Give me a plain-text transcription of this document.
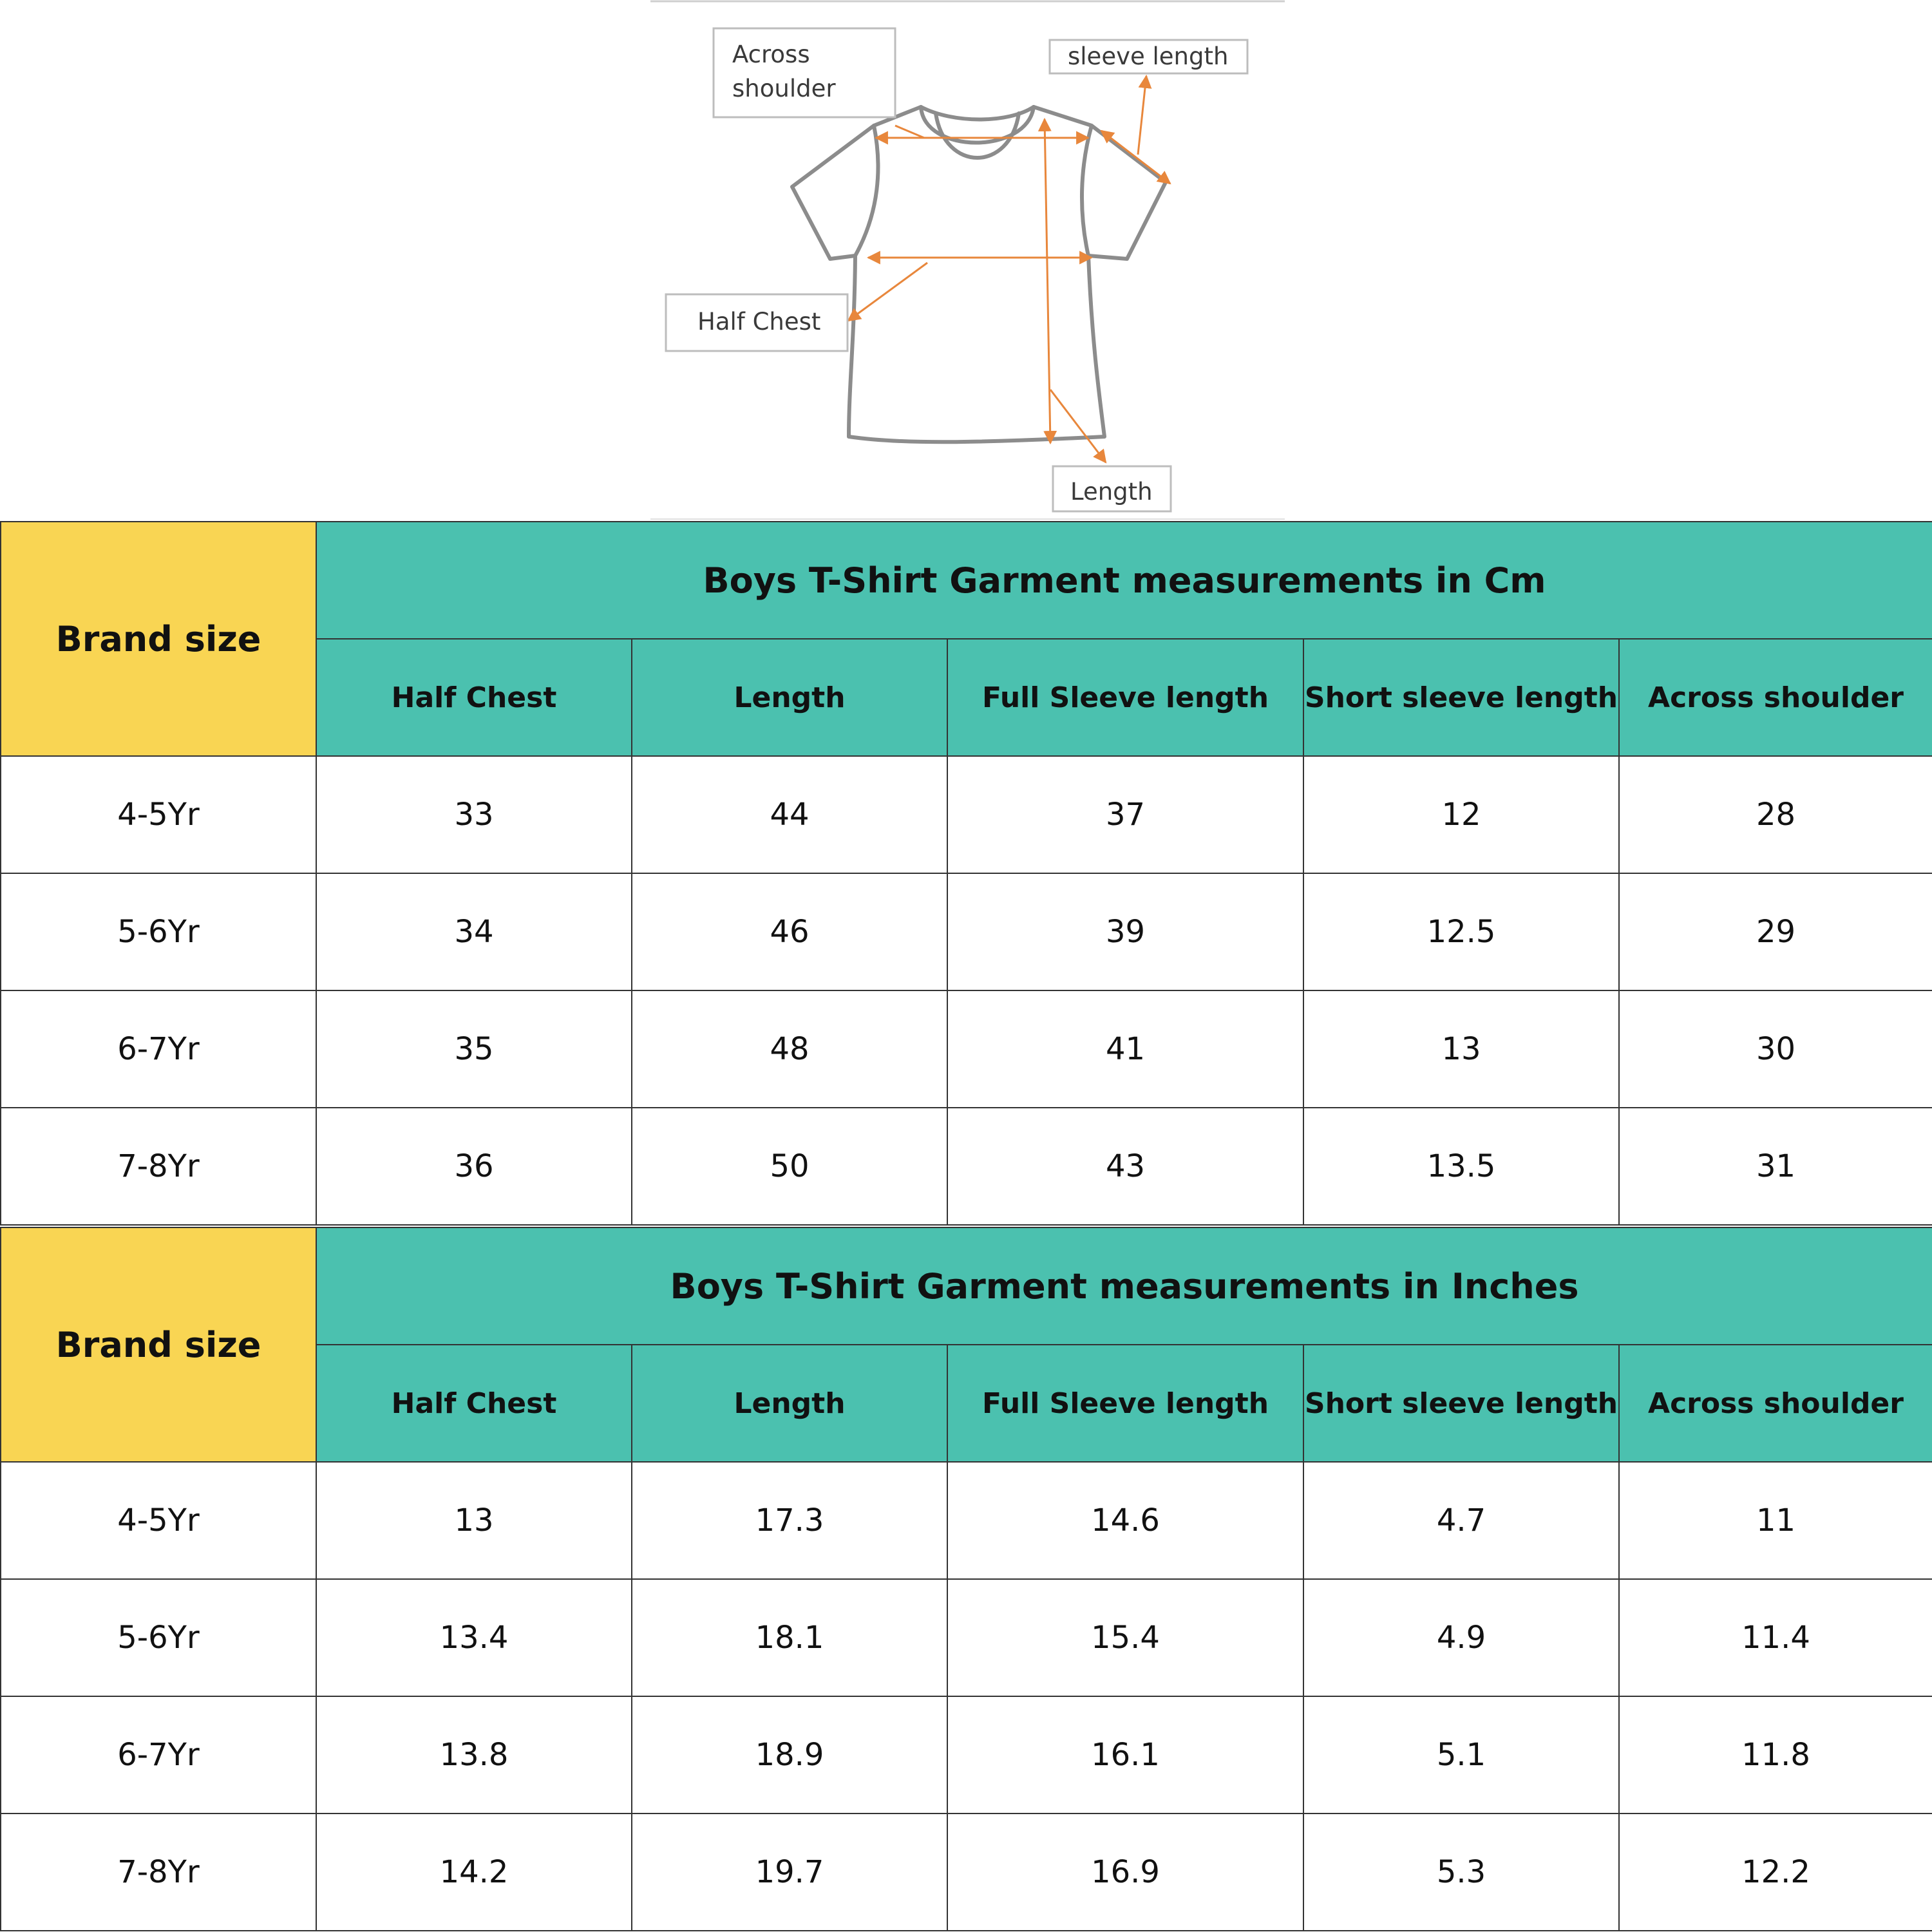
Across
shoulder
sleeve length
Half Chest
Length
Brand size	Boys T-Shirt Garment measurements in Cm				
	Half Chest	Length	Full Sleeve length	Short sleeve length	Across shoulder
4-5Yr	33	44	37	12	28
5-6Yr	34	46	39	12.5	29
6-7Yr	35	48	41	13	30
7-8Yr	36	50	43	13.5	31
Brand size	Boys T-Shirt Garment measurements in Inches				
	Half Chest	Length	Full Sleeve length	Short sleeve length	Across shoulder
4-5Yr	13	17.3	14.6	4.7	11
5-6Yr	13.4	18.1	15.4	4.9	11.4
6-7Yr	13.8	18.9	16.1	5.1	11.8
7-8Yr	14.2	19.7	16.9	5.3	12.2
